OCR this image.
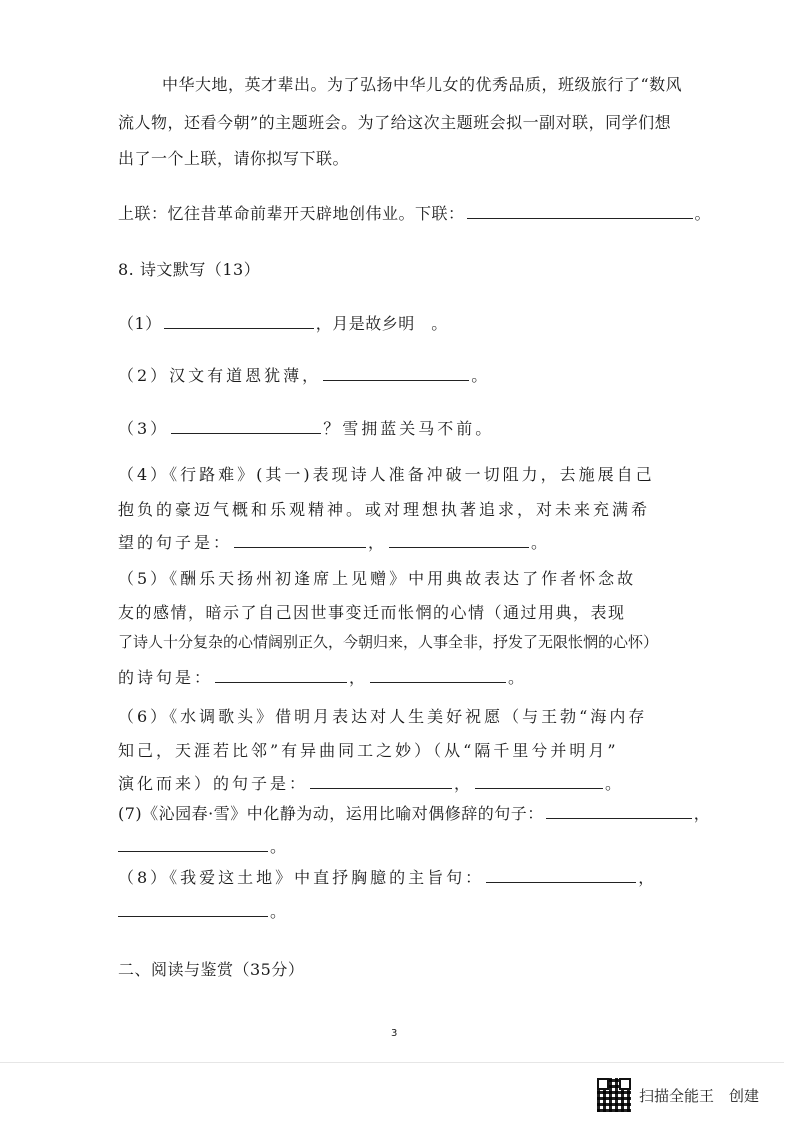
中华大地，英才辈出。为了弘扬中华儿女的优秀品质，班级旅行了“数风
流人物，还看今朝”的主题班会。为了给这次主题班会拟一副对联，同学们想
出了一个上联，请你拟写下联。
上联：忆往昔革命前辈开天辟地创伟业。下联：	。
8. 诗文默写（13）
（1）	，月是故乡明　。
（2）汉文有道恩犹薄，	。
（3）	？雪拥蓝关马不前。
（4）《行路难》(其一)表现诗人准备冲破一切阻力，去施展自己
抱负的豪迈气概和乐观精神。或对理想执著追求，对未来充满希
望的句子是：	，	。
（5）《酬乐天扬州初逢席上见赠》中用典故表达了作者怀念故
友的感情，暗示了自己因世事变迁而怅惘的心情（通过用典，表现
了诗人十分复杂的心情阔别正久，今朝归来，人事全非，抒发了无限怅惘的心怀）
的诗句是：	，	。
（6）《水调歌头》借明月表达对人生美好祝愿（与王勃“海内存
知己，天涯若比邻”有异曲同工之妙）（从“隔千里兮并明月”
演化而来）的句子是：	，	。
(7)《沁园春·雪》中化静为动，运用比喻对偶修辞的句子：	，
。
（8）《我爱这土地》中直抒胸臆的主旨句：	，
。
二、阅读与鉴赏（35分）
3
扫描全能王　创建
